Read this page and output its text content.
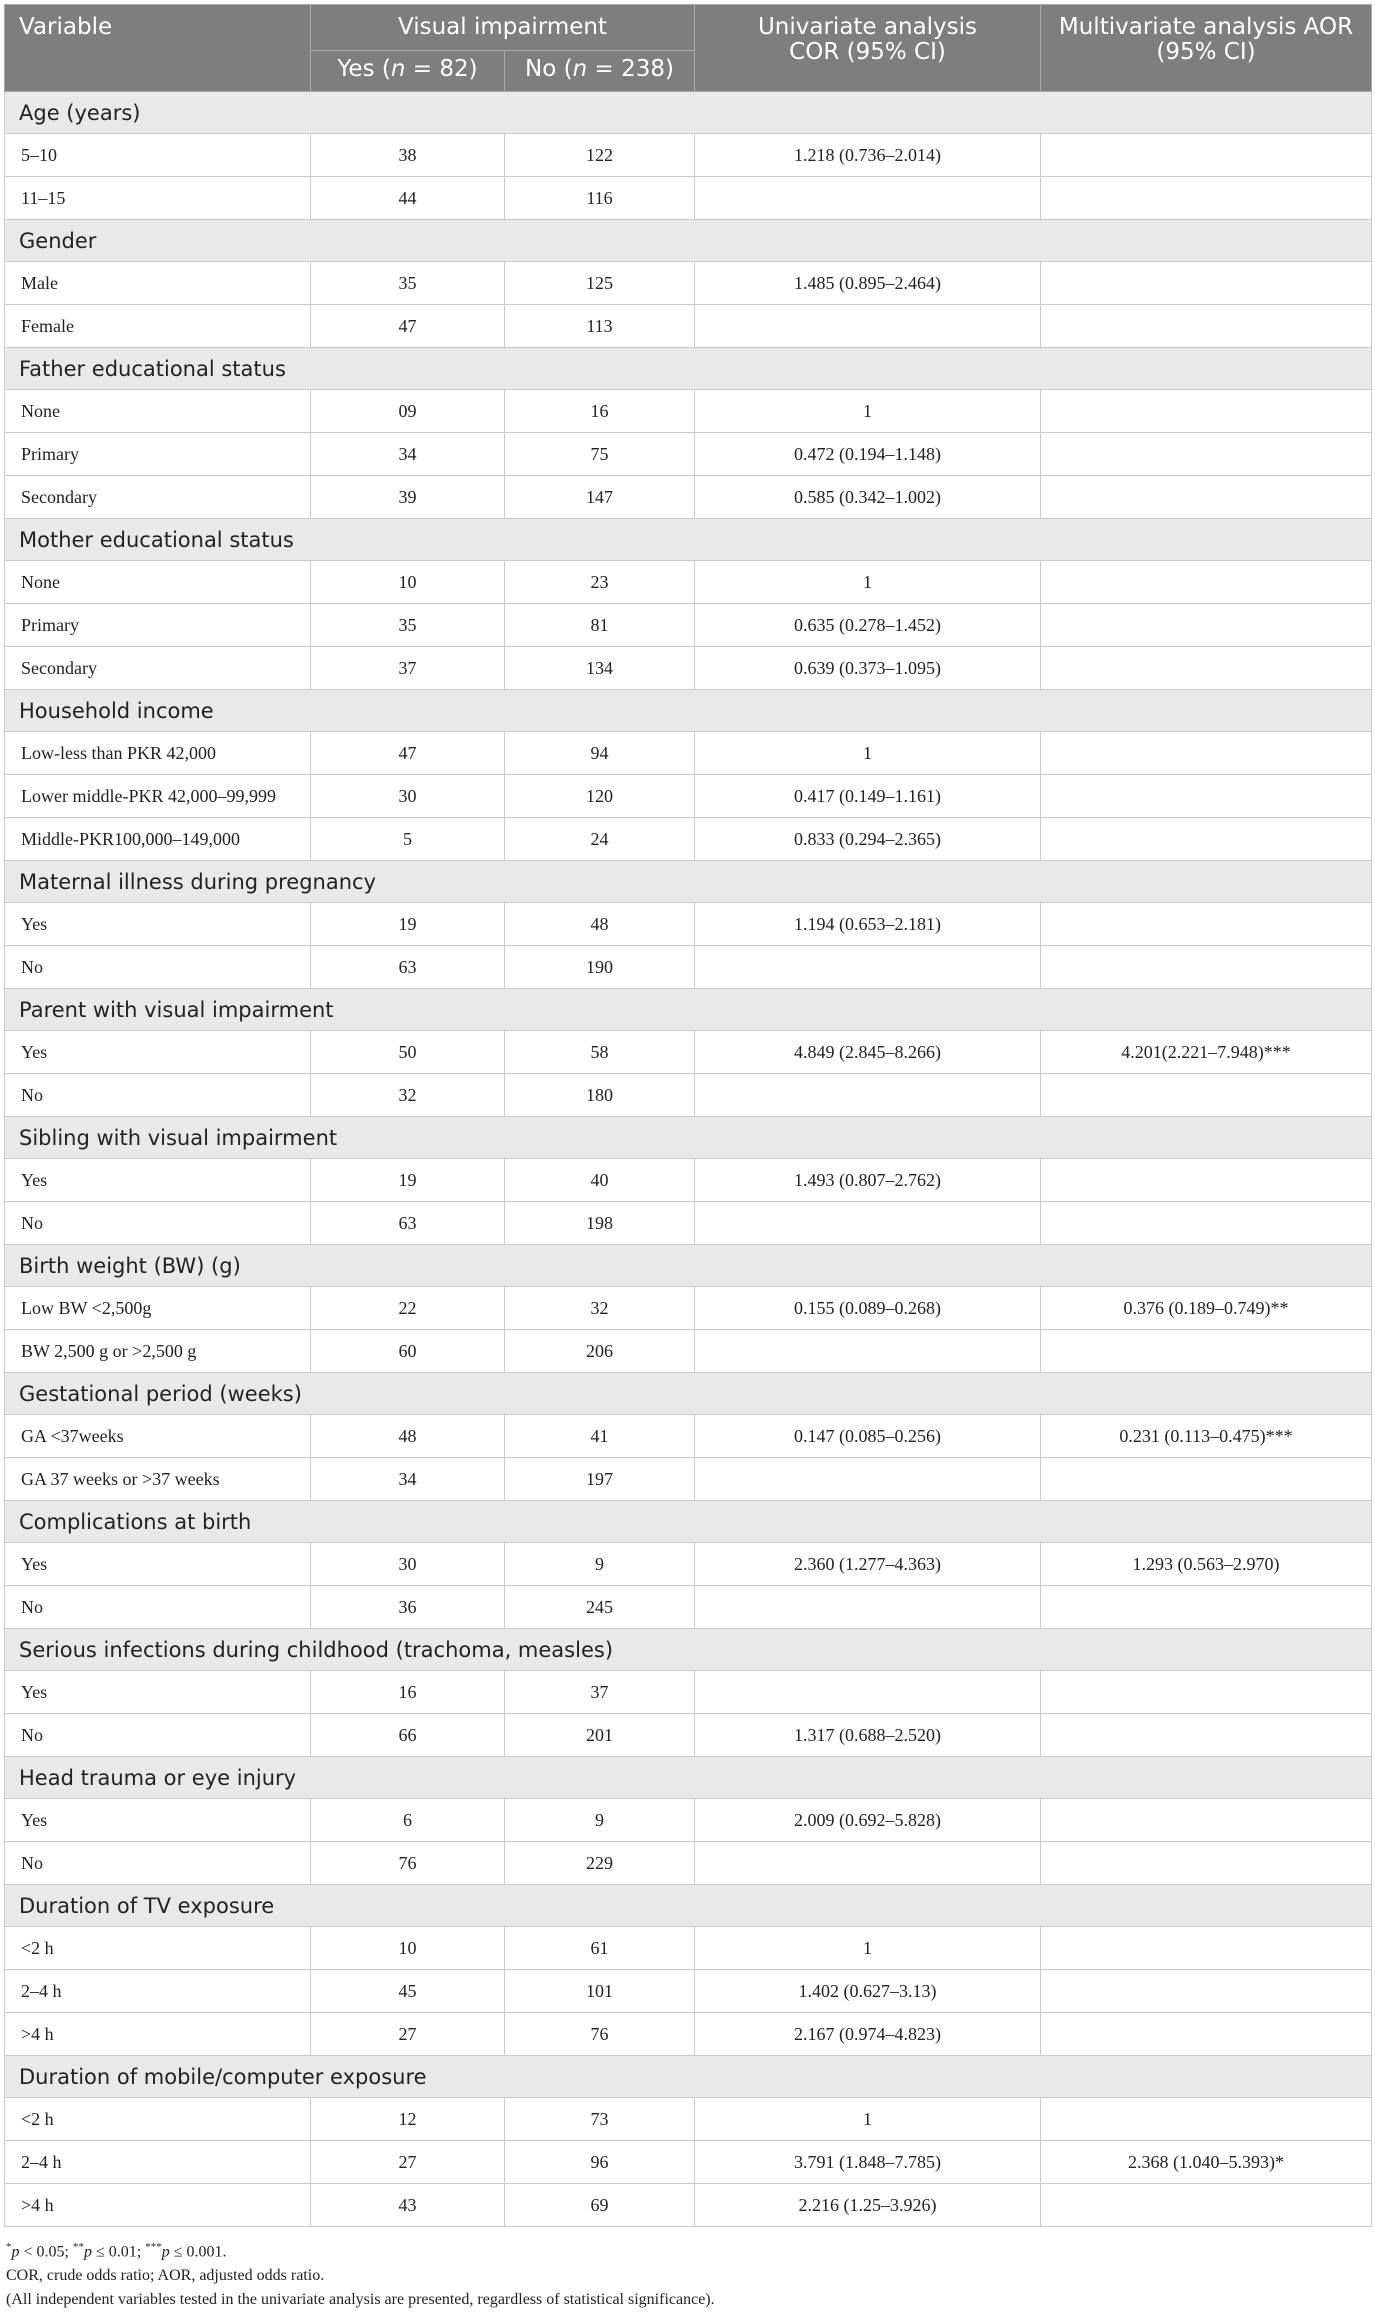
Variable	Visual impairment		Univariate analysis COR (95% CI)	Multivariate analysis AOR (95% CI)
	Yes (n = 82)	No (n = 238)		
Age (years)				
5–10	38	122	1.218 (0.736–2.014)	
11–15	44	116		
Gender				
Male	35	125	1.485 (0.895–2.464)	
Female	47	113		
Father educational status				
None	09	16	1	
Primary	34	75	0.472 (0.194–1.148)	
Secondary	39	147	0.585 (0.342–1.002)	
Mother educational status				
None	10	23	1	
Primary	35	81	0.635 (0.278–1.452)	
Secondary	37	134	0.639 (0.373–1.095)	
Household income				
Low-less than PKR 42,000	47	94	1	
Lower middle-PKR 42,000–99,999	30	120	0.417 (0.149–1.161)	
Middle-PKR100,000–149,000	5	24	0.833 (0.294–2.365)	
Maternal illness during pregnancy				
Yes	19	48	1.194 (0.653–2.181)	
No	63	190		
Parent with visual impairment				
Yes	50	58	4.849 (2.845–8.266)	4.201(2.221–7.948)***
No	32	180		
Sibling with visual impairment				
Yes	19	40	1.493 (0.807–2.762)	
No	63	198		
Birth weight (BW) (g)				
Low BW <2,500g	22	32	0.155 (0.089–0.268)	0.376 (0.189–0.749)**
BW 2,500 g or >2,500 g	60	206		
Gestational period (weeks)				
GA <37weeks	48	41	0.147 (0.085–0.256)	0.231 (0.113–0.475)***
GA 37 weeks or >37 weeks	34	197		
Complications at birth				
Yes	30	9	2.360 (1.277–4.363)	1.293 (0.563–2.970)
No	36	245		
Serious infections during childhood (trachoma, measles)				
Yes	16	37		
No	66	201	1.317 (0.688–2.520)	
Head trauma or eye injury				
Yes	6	9	2.009 (0.692–5.828)	
No	76	229		
Duration of TV exposure				
<2 h	10	61	1	
2–4 h	45	101	1.402 (0.627–3.13)	
>4 h	27	76	2.167 (0.974–4.823)	
Duration of mobile/computer exposure				
<2 h	12	73	1	
2–4 h	27	96	3.791 (1.848–7.785)	2.368 (1.040–5.393)*
>4 h	43	69	2.216 (1.25–3.926)	
*p < 0.05; **p ≤ 0.01; ***p ≤ 0.001.
COR, crude odds ratio; AOR, adjusted odds ratio.
(All independent variables tested in the univariate analysis are presented, regardless of statistical significance).
